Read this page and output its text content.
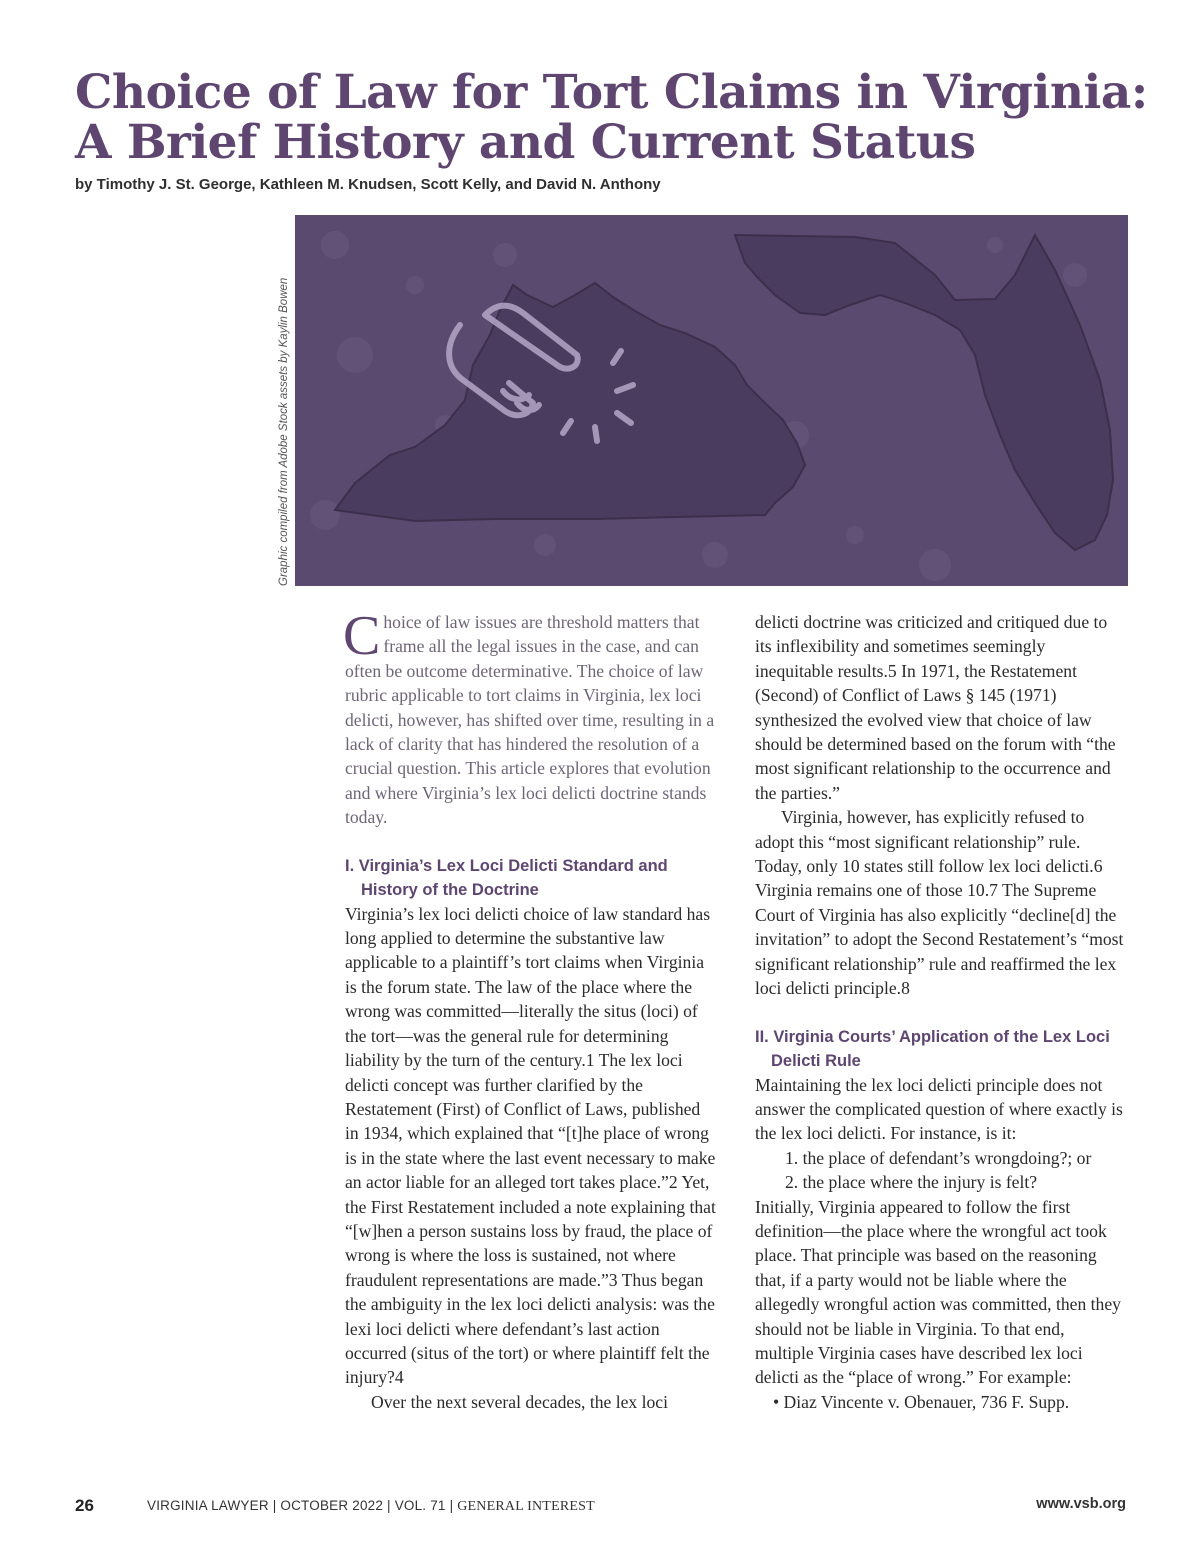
Choice of Law for Tort Claims in Virginia:
A Brief History and Current Status
by Timothy J. St. George, Kathleen M. Knudsen, Scott Kelly, and David N. Anthony
Graphic compiled from Adobe Stock assets by Kaylin Bowen

Choice of law issues are threshold matters that frame all the legal issues in the case, and can often be outcome determinative. The choice of law rubric applicable to tort claims in Virginia, lex loci delicti, however, has shifted over time, resulting in a lack of clarity that has hindered the resolution of a crucial question. This article explores that evolution and where Virginia’s lex loci delicti doctrine stands today.

I. Virginia’s Lex Loci Delicti Standard and History of the Doctrine

Virginia’s lex loci delicti choice of law standard has long applied to determine the substantive law applicable to a plaintiff’s tort claims when Virginia is the forum state. The law of the place where the wrong was committed—literally the situs (loci) of the tort—was the general rule for determining liability by the turn of the century.1 The lex loci delicti concept was further clarified by the Restatement (First) of Conflict of Laws, published in 1934, which explained that “[t]he place of wrong is in the state where the last event necessary to make an actor liable for an alleged tort takes place.”2 Yet, the First Restatement included a note explaining that “[w]hen a person sustains loss by fraud, the place of wrong is where the loss is sustained, not where fraudulent representations are made.”3 Thus began the ambiguity in the lex loci delicti analysis: was the lexi loci delicti where defendant’s last action occurred (situs of the tort) or where plaintiff felt the injury?4

Over the next several decades, the lex loci

delicti doctrine was criticized and critiqued due to its inflexibility and sometimes seemingly inequitable results.5 In 1971, the Restatement (Second) of Conflict of Laws § 145 (1971) synthesized the evolved view that choice of law should be determined based on the forum with “the most significant relationship to the occurrence and the parties.”

Virginia, however, has explicitly refused to adopt this “most significant relationship” rule. Today, only 10 states still follow lex loci delicti.6 Virginia remains one of those 10.7 The Supreme Court of Virginia has also explicitly “decline[d] the invitation” to adopt the Second Restatement’s “most significant relationship” rule and reaffirmed the lex loci delicti principle.8

II. Virginia Courts’ Application of the Lex Loci Delicti Rule

Maintaining the lex loci delicti principle does not answer the complicated question of where exactly is the lex loci delicti. For instance, is it:

1. the place of defendant’s wrongdoing?; or

2. the place where the injury is felt?

Initially, Virginia appeared to follow the first definition—the place where the wrongful act took place. That principle was based on the reasoning that, if a party would not be liable where the allegedly wrongful action was committed, then they should not be liable in Virginia. To that end, multiple Virginia cases have described lex loci delicti as the “place of wrong.” For example:

• Diaz Vincente v. Obenauer, 736 F. Supp.

26	VIRGINIA LAWYER | OCTOBER 2022 | VOL. 71 | GENERAL INTEREST	www.vsb.org
